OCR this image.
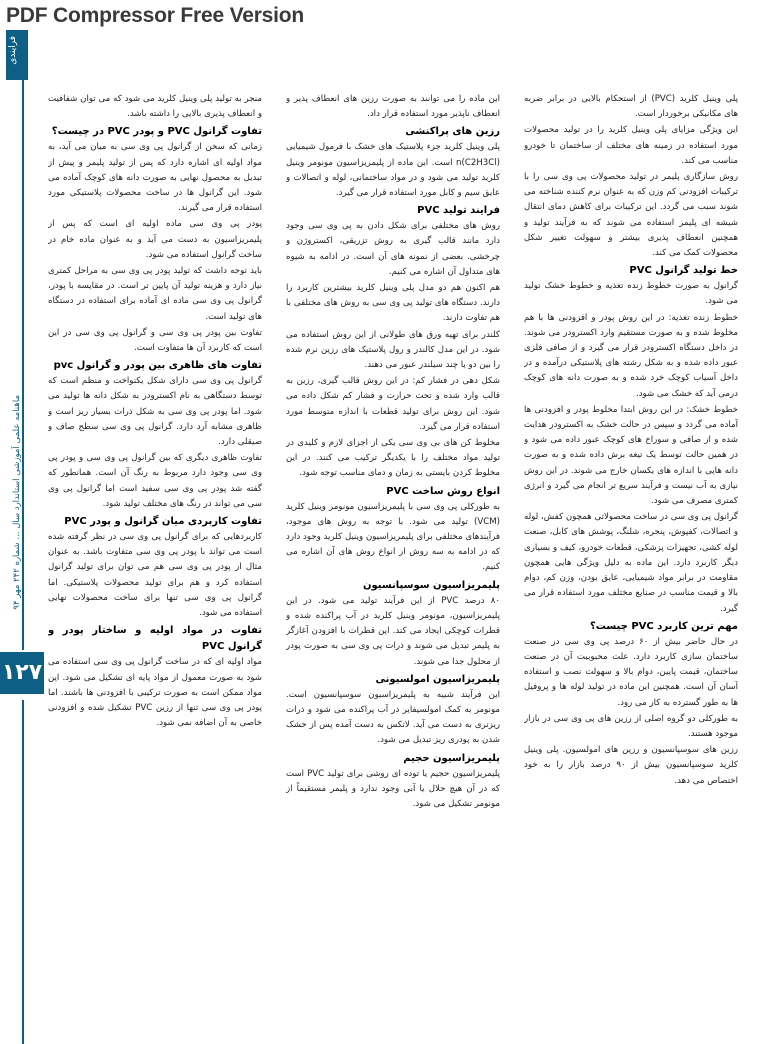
PDF Compressor Free Version
فرایندی
ماهنامه علمی آموزشی استاندارد سال ... شماره ۲۴۲ مهر ۹۴
۱۲۷

پلی وینیل کلرید (PVC) از استحکام بالایی در برابر ضربه های مکانیکی برخوردار است.

این ویژگی مزایای پلی وینیل کلرید را در تولید محصولات مورد استفاده در زمینه های مختلف از ساختمان تا خودرو مناسب می کند.

روش سازگاری پلیمر در تولید محصولات پی وی سی را با ترکیبات افزودنی کم وزن که به عنوان نرم کننده شناخته می شوند سبب می گردد. این ترکیبات برای کاهش دمای انتقال شیشه ای پلیمر استفاده می شوند که به فرآیند تولید و همچنین انعطاف پذیری بیشتر و سهولت تغییر شکل محصولات کمک می کند.

خط تولید گرانول PVC

گرانول به صورت خطوط زنده تغذیه و خطوط خشک تولید می شود.

خطوط زنده تغذیه: در این روش پودر و افزودنی ها با هم مخلوط شده و به صورت مستقیم وارد اکسترودر می شوند. در داخل دستگاه اکسترودر قرار می گیرد و از صافی فلزی عبور داده شده و به شکل رشته های پلاستیکی درآمده و در داخل آسیاب کوچک خرد شده و به صورت دانه های کوچک درمی آید که خشک می شود.

خطوط خشک: در این روش ابتدا مخلوط پودر و افزودنی ها آماده می گردد و سپس در حالت خشک به اکسترودر هدایت شده و از صافی و سوراخ های کوچک عبور داده می شود و در همین حالت توسط یک تیغه برش داده شده و به صورت دانه هایی با اندازه های یکسان خارج می شوند. در این روش نیازی به آب نیست و فرآیند سریع تر انجام می گیرد و انرژی کمتری مصرف می شود.

گرانول پی وی سی در ساخت محصولاتی همچون کفش، لوله و اتصالات، کفپوش، پنجره، شلنگ، پوشش های کابل، صنعت لوله کشی، تجهیزات پزشکی، قطعات خودرو، کیف و بسیاری دیگر کاربرد دارد. این ماده به دلیل ویژگی هایی همچون مقاومت در برابر مواد شیمیایی، عایق بودن، وزن کم، دوام بالا و قیمت مناسب در صنایع مختلف مورد استفاده قرار می گیرد.

مهم ترین کاربرد PVC چیست؟

در حال حاضر بیش از ۶۰ درصد پی وی سی در صنعت ساختمان سازی کاربرد دارد. علت محبوبیت آن در صنعت ساختمان، قیمت پایین، دوام بالا و سهولت نصب و استفاده آسان آن است. همچنین این ماده در تولید لوله ها و پروفیل ها به طور گسترده به کار می رود.

به طورکلی دو گروه اصلی از رزین های پی وی سی در بازار موجود هستند.

رزین های سوسپانسیون و رزین های امولسیون. پلی وینیل کلرید سوسپانسیون بیش از ۹۰ درصد بازار را به خود اختصاص می دهد.

این ماده را می توانند به صورت رزین های انعطاف پذیر و انعطاف ناپذیر مورد استفاده قرار داد.

رزین های پراکنشی

پلی وینیل کلرید جزء پلاستیک های خشک با فرمول شیمیایی n(C2H3Cl) است. این ماده از پلیمریزاسیون مونومر وینیل کلرید تولید می شود و در مواد ساختمانی، لوله و اتصالات و عایق سیم و کابل مورد استفاده قرار می گیرد.

فرایند تولید PVC

روش های مختلفی برای شکل دادن به پی وی سی وجود دارد مانند قالب گیری به روش تزریقی، اکستروژن و چرخشی. بعضی از نمونه های آن است. در ادامه به شیوه های متداول آن اشاره می کنیم.

هم اکنون هم دو مدل پلی وینیل کلرید بیشترین کاربرد را دارند. دستگاه های تولید پی وی سی به روش های مختلفی با هم تفاوت دارند.

کلندر برای تهیه ورق های طولانی از این روش استفاده می شود. در این مدل کالندر و رول پلاستیک های رزین نرم شده را بین دو یا چند سیلندر عبور می دهند.

شکل دهی در فشار کم: در این روش قالب گیری، رزین به قالب وارد شده و تحت حرارت و فشار کم شکل داده می شود. این روش برای تولید قطعات با اندازه متوسط مورد استفاده قرار می گیرد.

مخلوط کن های بی وی سی یکی از اجزای لازم و کلیدی در تولید مواد مختلف را با یکدیگر ترکیب می کنند. در این مخلوط کردن بایستی به زمان و دمای مناسب توجه شود.

انواع روش ساخت PVC

به طورکلی پی وی سی با پلیمریزاسیون مونومر وینیل کلرید (VCM) تولید می شود. با توجه به روش های موجود، فرآیندهای مختلفی برای پلیمریزاسیون وینیل کلرید وجود دارد که در ادامه به سه روش از انواع روش های آن اشاره می کنیم.

پلیمریزاسیون سوسپانسیون

۸۰ درصد PVC از این فرآیند تولید می شود. در این پلیمریزاسیون، مونومر وینیل کلرید در آب پراکنده شده و قطرات کوچکی ایجاد می کند. این قطرات با افزودن آغازگر به پلیمر تبدیل می شوند و ذرات پی وی سی به صورت پودر از محلول جدا می شوند.

پلیمریزاسیون امولسیونی

این فرآیند شبیه به پلیمریزاسیون سوسپانسیون است. مونومر به کمک امولسیفایر در آب پراکنده می شود و ذرات ریزتری به دست می آید. لاتکس به دست آمده پس از خشک شدن به پودری ریز تبدیل می شود.

پلیمریزاسیون حجیم

پلیمریزاسیون حجیم یا توده ای روشی برای تولید PVC است که در آن هیچ حلال یا آبی وجود ندارد و پلیمر مستقیماً از مونومر تشکیل می شود.

منجر به تولید پلی وینیل کلرید می شود که می توان شفافیت و انعطاف پذیری بالایی را داشته باشد.

تفاوت گرانول PVC و پودر PVC در چیست؟

زمانی که سخن از گرانول پی وی سی به میان می آید، به مواد اولیه ای اشاره دارد که پس از تولید پلیمر و پیش از تبدیل به محصول نهایی به صورت دانه های کوچک آماده می شود. این گرانول ها در ساخت محصولات پلاستیکی مورد استفاده قرار می گیرند.

پودر پی وی سی ماده اولیه ای است که پس از پلیمریزاسیون به دست می آید و به عنوان ماده خام در ساخت گرانول استفاده می شود.

باید توجه داشت که تولید پودر پی وی سی به مراحل کمتری نیاز دارد و هزینه تولید آن پایین تر است. در مقایسه با پودر، گرانول پی وی سی ماده ای آماده برای استفاده در دستگاه های تولید است.

تفاوت بین پودر پی وی سی و گرانول پی وی سی در این است که کاربرد آن ها متفاوت است.

تفاوت های ظاهری بین پودر و گرانول pvc

گرانول پی وی سی دارای شکل یکنواخت و منظم است که توسط دستگاهی به نام اکسترودر به شکل دانه ها تولید می شود. اما پودر پی وی سی به شکل ذرات بسیار ریز است و ظاهری مشابه آرد دارد. گرانول پی وی سی سطح صاف و صیقلی دارد.

تفاوت ظاهری دیگری که بین گرانول پی وی سی و پودر پی وی سی وجود دارد مربوط به رنگ آن است. همانطور که گفته شد پودر پی وی سی سفید است اما گرانول پی وی سی می تواند در رنگ های مختلف تولید شود.

تفاوت کاربردی میان گرانول و پودر PVC

کاربردهایی که برای گرانول پی وی سی در نظر گرفته شده است می تواند با پودر پی وی سی متفاوت باشد. به عنوان مثال از پودر پی وی سی هم می توان برای تولید گرانول استفاده کرد و هم برای تولید محصولات پلاستیکی. اما گرانول پی وی سی تنها برای ساخت محصولات نهایی استفاده می شود.

تفاوت در مواد اولیه و ساختار پودر و گرانول PVC

مواد اولیه ای که در ساخت گرانول پی وی سی استفاده می شود به صورت معمول از مواد پایه ای تشکیل می شود. این مواد ممکن است به صورت ترکیبی با افزودنی ها باشند. اما پودر پی وی سی تنها از رزین PVC تشکیل شده و افزودنی خاصی به آن اضافه نمی شود.
